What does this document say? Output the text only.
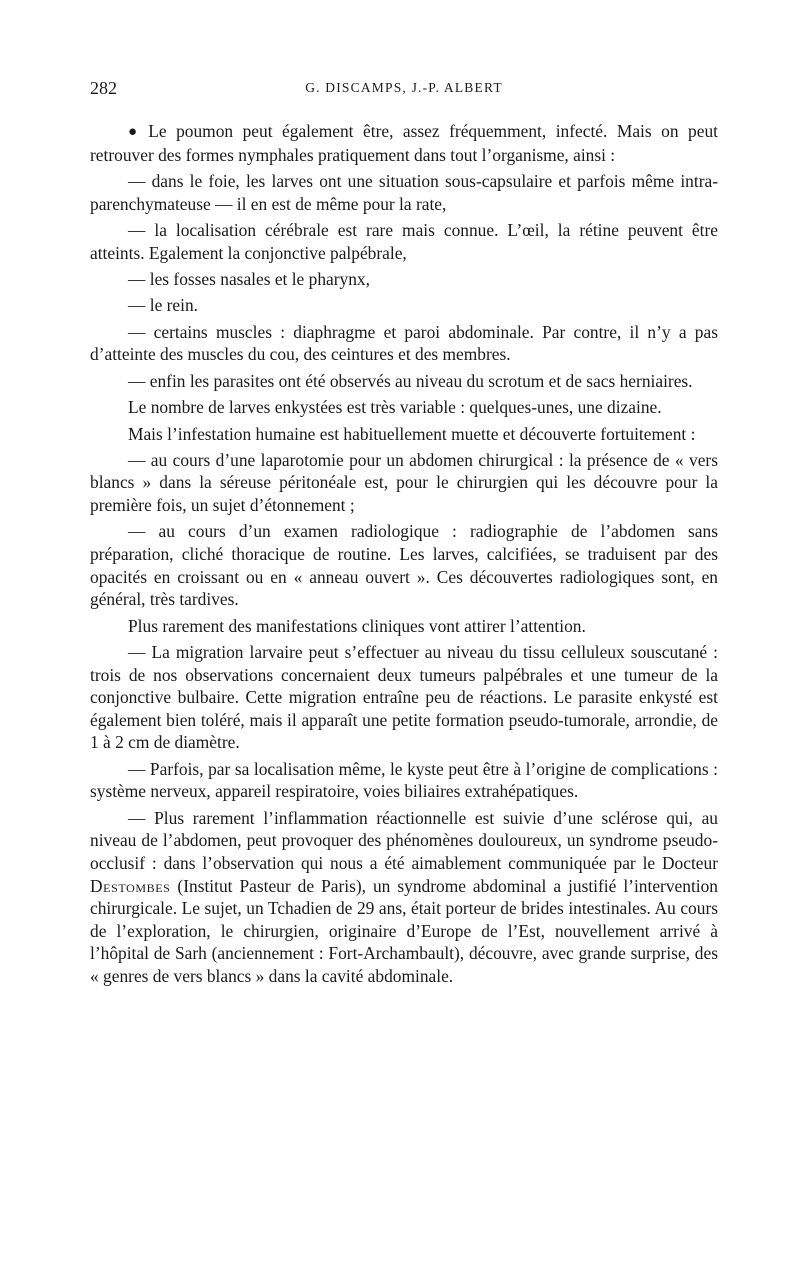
282	G. DISCAMPS, J.-P. ALBERT

● Le poumon peut également être, assez fréquemment, infecté. Mais on peut retrouver des formes nymphales pratiquement dans tout l’organisme, ainsi :

— dans le foie, les larves ont une situation sous-capsulaire et parfois même intra-parenchymateuse — il en est de même pour la rate,

— la localisation cérébrale est rare mais connue. L’œil, la rétine peuvent être atteints. Egalement la conjonctive palpébrale,

— les fosses nasales et le pharynx,

— le rein.

— certains muscles : diaphragme et paroi abdominale. Par contre, il n’y a pas d’atteinte des muscles du cou, des ceintures et des membres.

— enfin les parasites ont été observés au niveau du scrotum et de sacs herniaires.

Le nombre de larves enkystées est très variable : quelques-unes, une dizaine.

Mais l’infestation humaine est habituellement muette et découverte fortuitement :

— au cours d’une laparotomie pour un abdomen chirurgical : la présence de « vers blancs » dans la séreuse péritonéale est, pour le chirurgien qui les découvre pour la première fois, un sujet d’étonnement ;

— au cours d’un examen radiologique : radiographie de l’abdomen sans préparation, cliché thoracique de routine. Les larves, calcifiées, se traduisent par des opacités en croissant ou en « anneau ouvert ». Ces découvertes radiologiques sont, en général, très tardives.

Plus rarement des manifestations cliniques vont attirer l’attention.

— La migration larvaire peut s’effectuer au niveau du tissu celluleux souscutané : trois de nos observations concernaient deux tumeurs palpébrales et une tumeur de la conjonctive bulbaire. Cette migration entraîne peu de réactions. Le parasite enkysté est également bien toléré, mais il apparaît une petite formation pseudo-tumorale, arrondie, de 1 à 2 cm de diamètre.

— Parfois, par sa localisation même, le kyste peut être à l’origine de complications : système nerveux, appareil respiratoire, voies biliaires extrahépatiques.

— Plus rarement l’inflammation réactionnelle est suivie d’une sclérose qui, au niveau de l’abdomen, peut provoquer des phénomènes douloureux, un syndrome pseudo-occlusif : dans l’observation qui nous a été aimablement communiquée par le Docteur Destombes (Institut Pasteur de Paris), un syndrome abdominal a justifié l’intervention chirurgicale. Le sujet, un Tchadien de 29 ans, était porteur de brides intestinales. Au cours de l’exploration, le chirurgien, originaire d’Europe de l’Est, nouvellement arrivé à l’hôpital de Sarh (anciennement : Fort-Archambault), découvre, avec grande surprise, des « genres de vers blancs » dans la cavité abdominale.
